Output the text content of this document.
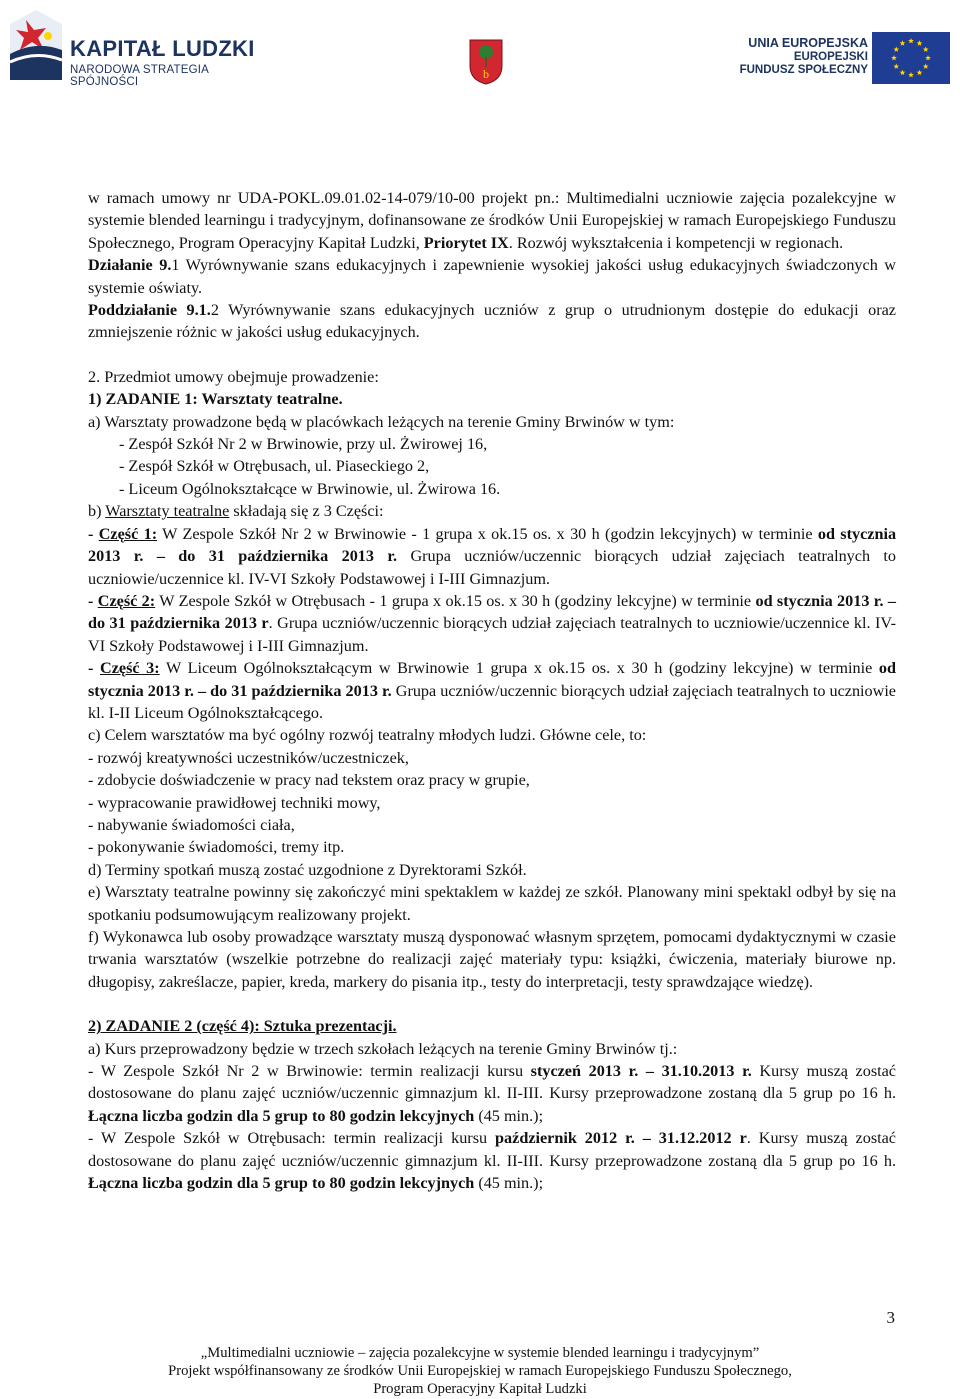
KAPITAŁ LUDZKI
NARODOWA STRATEGIA SPÓJNOŚCI
b
UNIA EUROPEJSKA
EUROPEJSKI
FUNDUSZ SPOŁECZNY

w ramach umowy nr UDA-POKL.09.01.02-14-079/10-00 projekt pn.: Multimedialni uczniowie zajęcia pozalekcyjne w systemie blended learningu i tradycyjnym, dofinansowane ze środków Unii Europejskiej w ramach Europejskiego Funduszu Społecznego, Program Operacyjny Kapitał Ludzki, Priorytet IX. Rozwój wykształcenia i kompetencji w regionach.

Działanie 9.1 Wyrównywanie szans edukacyjnych i zapewnienie wysokiej jakości usług edukacyjnych świadczonych w systemie oświaty.

Poddziałanie 9.1.2 Wyrównywanie szans edukacyjnych uczniów z grup o utrudnionym dostępie do edukacji oraz zmniejszenie różnic w jakości usług edukacyjnych.

2. Przedmiot umowy obejmuje prowadzenie:

1) ZADANIE 1: Warsztaty teatralne.

a) Warsztaty prowadzone będą w placówkach leżących na terenie Gminy Brwinów w tym:

- Zespół Szkół Nr 2 w Brwinowie, przy ul. Żwirowej 16,

- Zespół Szkół w Otrębusach, ul. Piaseckiego 2,

- Liceum Ogólnokształcące w Brwinowie, ul. Żwirowa 16.

b) Warsztaty teatralne składają się z 3 Części:

- Część 1: W Zespole Szkół Nr 2 w Brwinowie - 1 grupa x ok.15 os. x 30 h (godzin lekcyjnych) w terminie od stycznia 2013 r. – do 31 października 2013 r. Grupa uczniów/uczennic biorących udział zajęciach teatralnych to uczniowie/uczennice kl. IV-VI Szkoły Podstawowej i I-III Gimnazjum.

- Część 2: W Zespole Szkół w Otrębusach - 1 grupa x ok.15 os. x 30 h (godziny lekcyjne) w terminie od stycznia 2013 r. – do 31 października 2013 r. Grupa uczniów/uczennic biorących udział zajęciach teatralnych to uczniowie/uczennice kl. IV-VI Szkoły Podstawowej i I-III Gimnazjum.

- Część 3: W Liceum Ogólnokształcącym w Brwinowie 1 grupa x ok.15 os. x 30 h (godziny lekcyjne) w terminie od stycznia 2013 r. – do 31 października 2013 r. Grupa uczniów/uczennic biorących udział zajęciach teatralnych to uczniowie kl. I-II Liceum Ogólnokształcącego.

c) Celem warsztatów ma być ogólny rozwój teatralny młodych ludzi. Główne cele, to:

- rozwój kreatywności uczestników/uczestniczek,

- zdobycie doświadczenie w pracy nad tekstem oraz pracy w grupie,

- wypracowanie prawidłowej techniki mowy,

- nabywanie świadomości ciała,

- pokonywanie świadomości, tremy itp.

d) Terminy spotkań muszą zostać uzgodnione z Dyrektorami Szkół.

e) Warsztaty teatralne powinny się zakończyć mini spektaklem w każdej ze szkół. Planowany mini spektakl odbył by się na spotkaniu podsumowującym realizowany projekt.

f) Wykonawca lub osoby prowadzące warsztaty muszą dysponować własnym sprzętem, pomocami dydaktycznymi w czasie trwania warsztatów (wszelkie potrzebne do realizacji zajęć materiały typu: książki, ćwiczenia, materiały biurowe np. długopisy, zakreślacze, papier, kreda, markery do pisania itp., testy do interpretacji, testy sprawdzające wiedzę).

2) ZADANIE 2 (część 4): Sztuka prezentacji.

a) Kurs przeprowadzony będzie w trzech szkołach leżących na terenie Gminy Brwinów tj.:

- W Zespole Szkół Nr 2 w Brwinowie: termin realizacji kursu styczeń 2013 r. – 31.10.2013 r. Kursy muszą zostać dostosowane do planu zajęć uczniów/uczennic gimnazjum kl. II-III. Kursy przeprowadzone zostaną dla 5 grup po 16 h. Łączna liczba godzin dla 5 grup to 80 godzin lekcyjnych (45 min.);

- W Zespole Szkół w Otrębusach: termin realizacji kursu październik 2012 r. – 31.12.2012 r. Kursy muszą zostać dostosowane do planu zajęć uczniów/uczennic gimnazjum kl. II-III. Kursy przeprowadzone zostaną dla 5 grup po 16 h. Łączna liczba godzin dla 5 grup to 80 godzin lekcyjnych (45 min.);

3
„Multimedialni uczniowie – zajęcia pozalekcyjne w systemie blended learningu i tradycyjnym”
Projekt współfinansowany ze środków Unii Europejskiej w ramach Europejskiego Funduszu Społecznego,
Program Operacyjny Kapitał Ludzki
